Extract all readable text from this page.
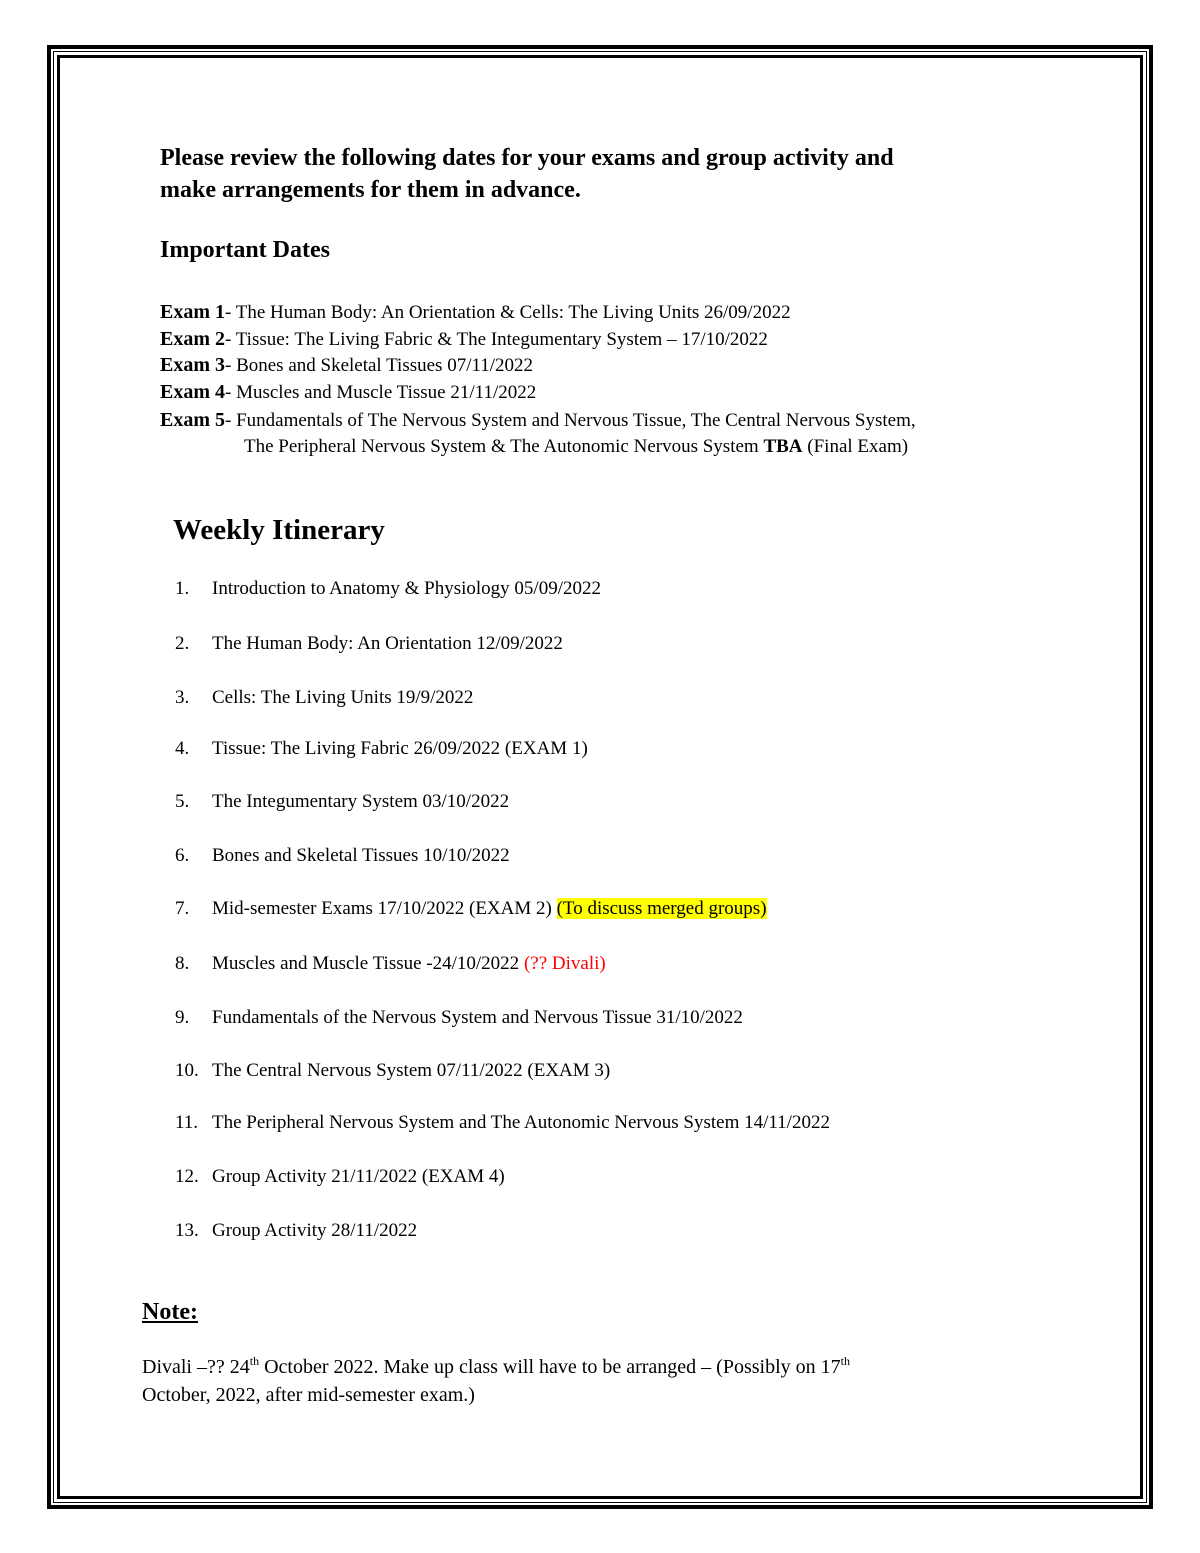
Please review the following dates for your exams and group activity and
make arrangements for them in advance.
Important Dates
Exam 1- The Human Body: An Orientation & Cells: The Living Units 26/09/2022
Exam 2- Tissue: The Living Fabric & The Integumentary System – 17/10/2022
Exam 3- Bones and Skeletal Tissues 07/11/2022
Exam 4- Muscles and Muscle Tissue 21/11/2022
Exam 5- Fundamentals of The Nervous System and Nervous Tissue, The Central Nervous System,
The Peripheral Nervous System & The Autonomic Nervous System TBA (Final Exam)
Weekly Itinerary
1. Introduction to Anatomy & Physiology 05/09/2022
2. The Human Body: An Orientation 12/09/2022
3. Cells: The Living Units 19/9/2022
4. Tissue: The Living Fabric 26/09/2022 (EXAM 1)
5. The Integumentary System 03/10/2022
6. Bones and Skeletal Tissues 10/10/2022
7. Mid-semester Exams 17/10/2022 (EXAM 2) (To discuss merged groups)
8. Muscles and Muscle Tissue -24/10/2022 (?? Divali)
9. Fundamentals of the Nervous System and Nervous Tissue 31/10/2022
10. The Central Nervous System 07/11/2022 (EXAM 3)
11. The Peripheral Nervous System and The Autonomic Nervous System 14/11/2022
12. Group Activity 21/11/2022 (EXAM 4)
13. Group Activity 28/11/2022
Note:
Divali –?? 24th October 2022. Make up class will have to be arranged – (Possibly on 17th
October, 2022, after mid-semester exam.)
